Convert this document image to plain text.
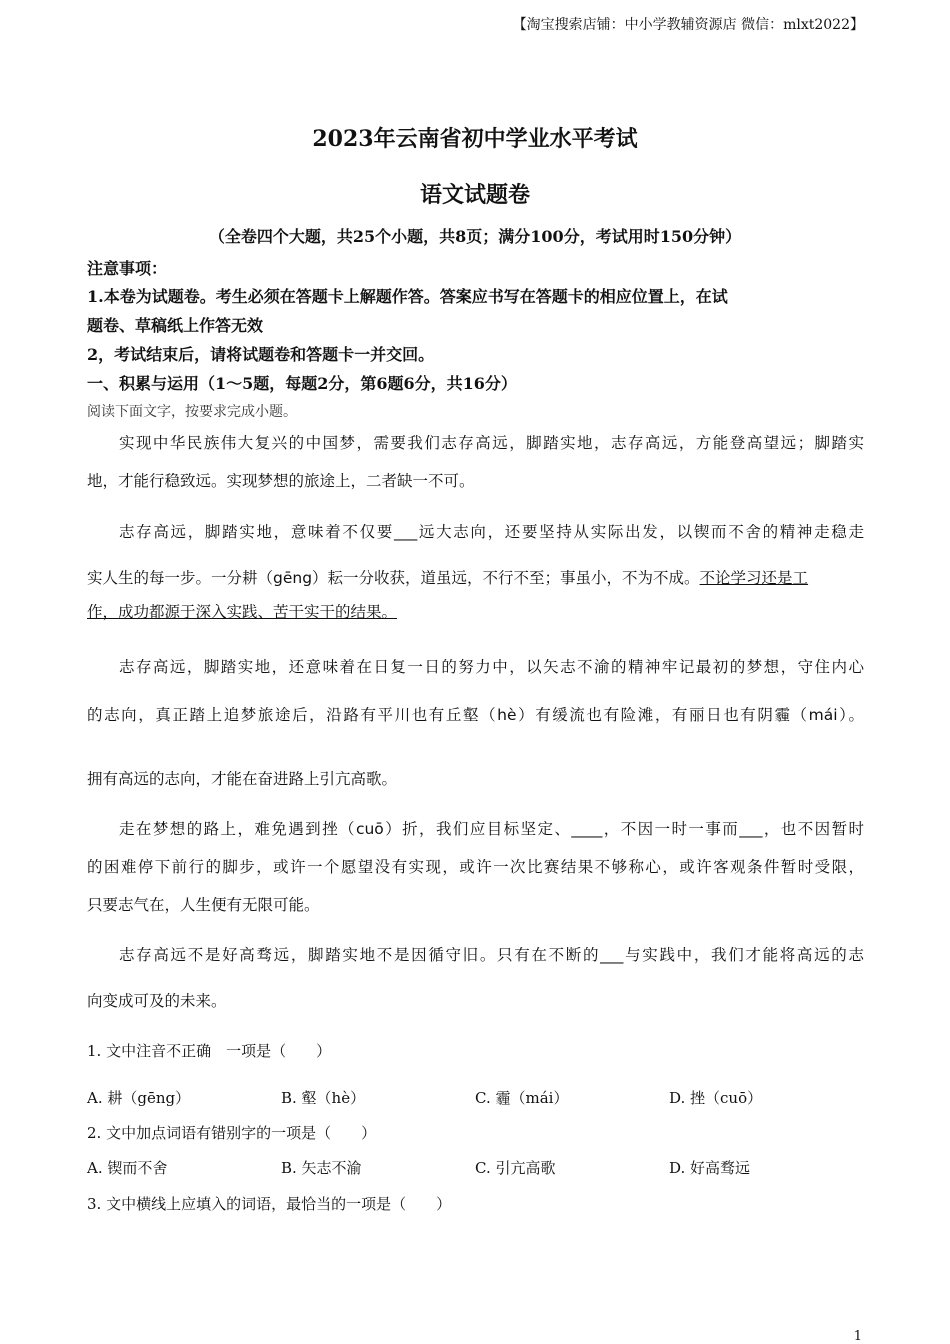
【淘宝搜索店铺：中小学教辅资源店 微信：mlxt2022】
2023年云南省初中学业水平考试
语文试题卷
（全卷四个大题，共25个小题，共8页；满分100分，考试用时150分钟）
注意事项：
1.本卷为试题卷。考生必须在答题卡上解题作答。答案应书写在答题卡的相应位置上，在试
题卷、草稿纸上作答无效
2，考试结束后，请将试题卷和答题卡一并交回。
一、积累与运用（1～5题，每题2分，第6题6分，共16分）
阅读下面文字，按要求完成小题。
实现中华民族伟大复兴的中国梦，需要我们志存高远，脚踏实地，志存高远，方能登高望远；脚踏实
地，才能行稳致远。实现梦想的旅途上，二者缺一不可。
志存高远，脚踏实地，意味着不仅要___远大志向，还要坚持从实际出发，以锲而不舍的精神走稳走
实人生的每一步。一分耕（gēng）耘一分收获，道虽远，不行不至；事虽小，不为不成。不论学习还是工
作，成功都源于深入实践、苦干实干的结果。
志存高远，脚踏实地，还意味着在日复一日的努力中，以矢志不渝的精神牢记最初的梦想，守住内心
的志向，真正踏上追梦旅途后，沿路有平川也有丘壑（hè）有缓流也有险滩，有丽日也有阴霾（mái）。
拥有高远的志向，才能在奋进路上引亢高歌。
走在梦想的路上，难免遇到挫（cuō）折，我们应目标坚定、____，不因一时一事而___，也不因暂时
的困难停下前行的脚步，或许一个愿望没有实现，或许一次比赛结果不够称心，或许客观条件暂时受限，
只要志气在，人生便有无限可能。
志存高远不是好高骛远，脚踏实地不是因循守旧。只有在不断的___与实践中，我们才能将高远的志
向变成可及的未来。
1. 文中注音不正确　一项是（　　）
A. 耕（gēng）	B. 壑（hè）	C. 霾（mái）	D. 挫（cuō）
2. 文中加点词语有错别字的一项是（　　）
A. 锲而不舍	B. 矢志不渝	C. 引亢高歌	D. 好高骛远
3. 文中横线上应填入的词语，最恰当的一项是（　　）
1
